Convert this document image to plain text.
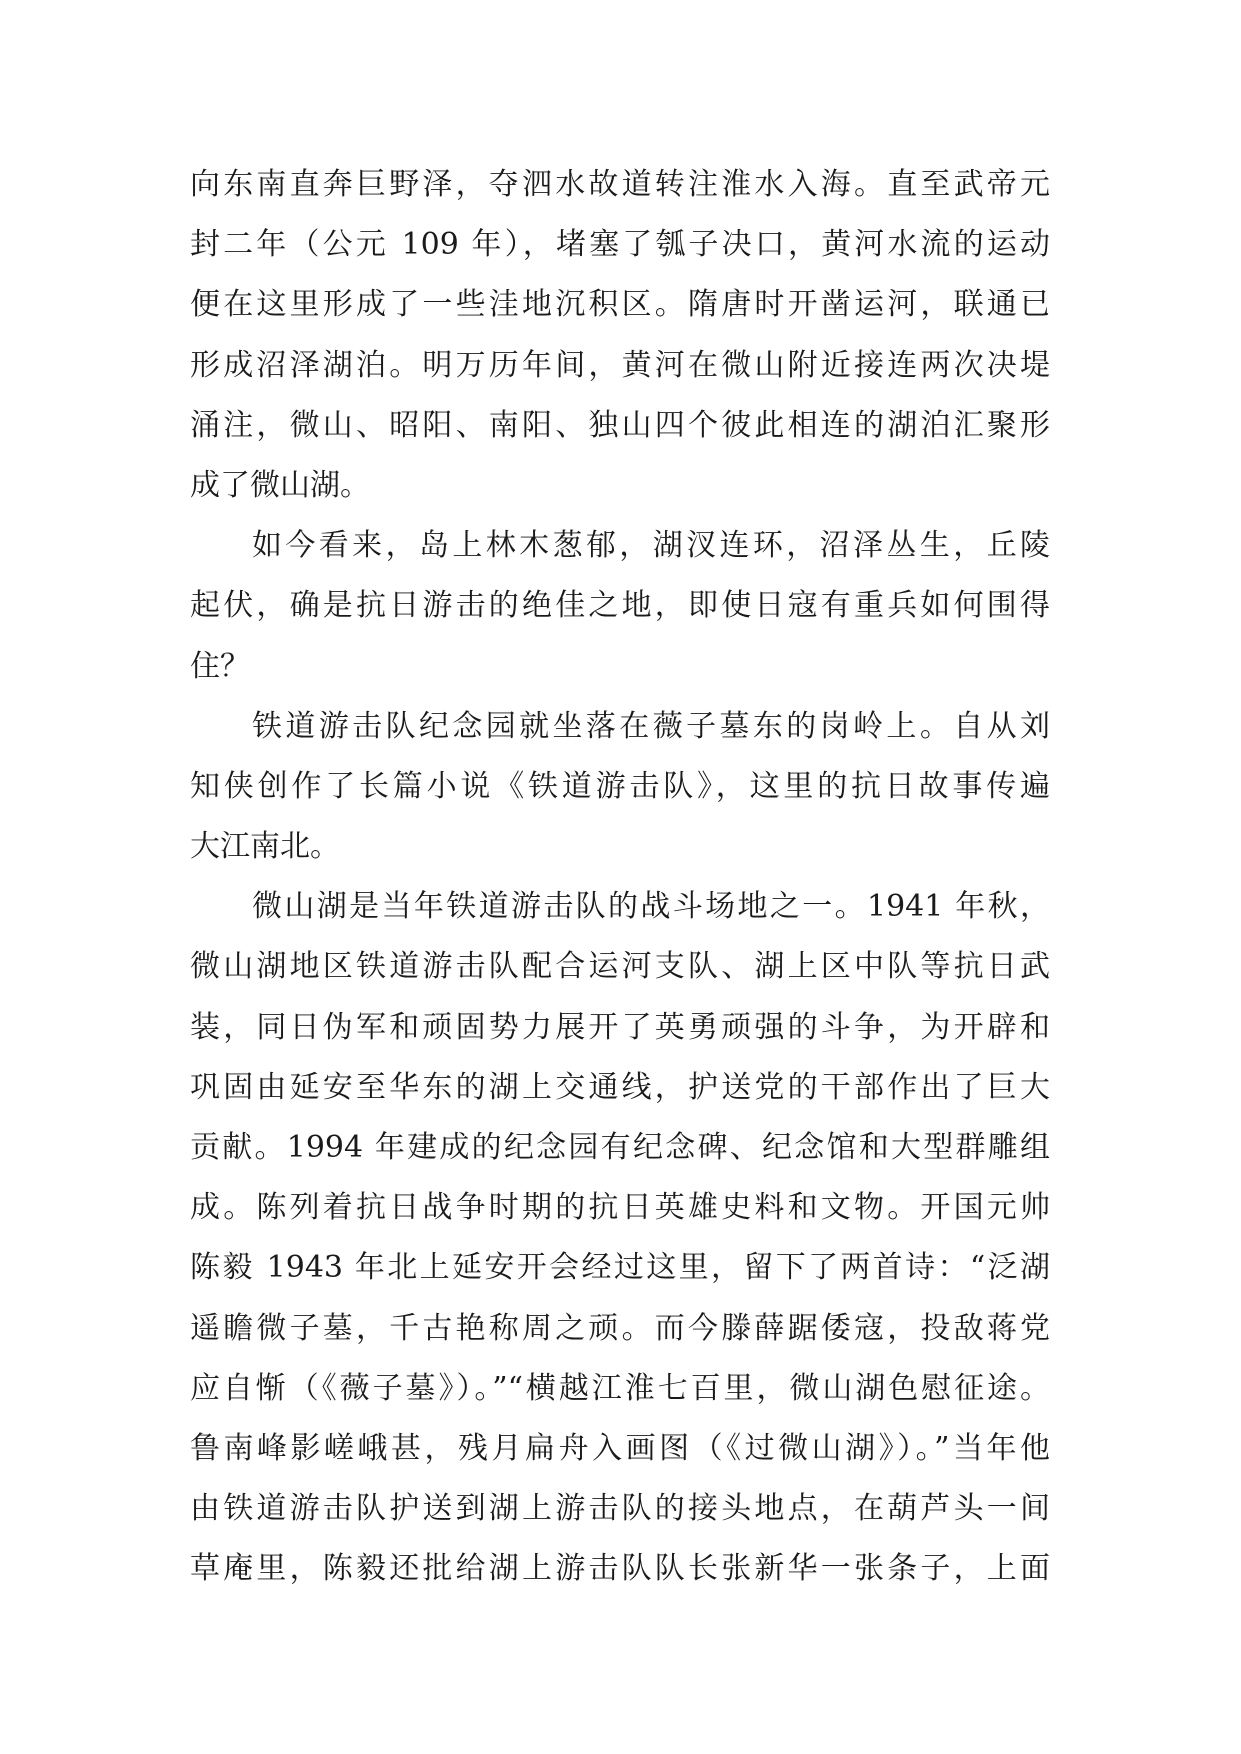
向东南直奔巨野泽，夺泗水故道转注淮水入海。直至武帝元
封二年（公元 109 年），堵塞了瓠子决口，黄河水流的运动
便在这里形成了一些洼地沉积区。隋唐时开凿运河，联通已
形成沼泽湖泊。明万历年间，黄河在微山附近接连两次决堤
涌注，微山、昭阳、南阳、独山四个彼此相连的湖泊汇聚形
成了微山湖。
如今看来，岛上林木葱郁，湖汊连环，沼泽丛生，丘陵
起伏，确是抗日游击的绝佳之地，即使日寇有重兵如何围得
住？
铁道游击队纪念园就坐落在薇子墓东的岗岭上。自从刘
知侠创作了长篇小说《铁道游击队》，这里的抗日故事传遍
大江南北。
微山湖是当年铁道游击队的战斗场地之一。1941 年秋，
微山湖地区铁道游击队配合运河支队、湖上区中队等抗日武
装，同日伪军和顽固势力展开了英勇顽强的斗争，为开辟和
巩固由延安至华东的湖上交通线，护送党的干部作出了巨大
贡献。1994 年建成的纪念园有纪念碑、纪念馆和大型群雕组
成。陈列着抗日战争时期的抗日英雄史料和文物。开国元帅
陈毅 1943 年北上延安开会经过这里，留下了两首诗：“泛湖
遥瞻微子墓，千古艳称周之顽。而今滕薛踞倭寇，投敌蒋党
应自惭（《薇子墓》）。”“横越江淮七百里，微山湖色慰征途。
鲁南峰影嵯峨甚，残月扁舟入画图（《过微山湖》）。”当年他
由铁道游击队护送到湖上游击队的接头地点，在葫芦头一间
草庵里，陈毅还批给湖上游击队队长张新华一张条子，上面
